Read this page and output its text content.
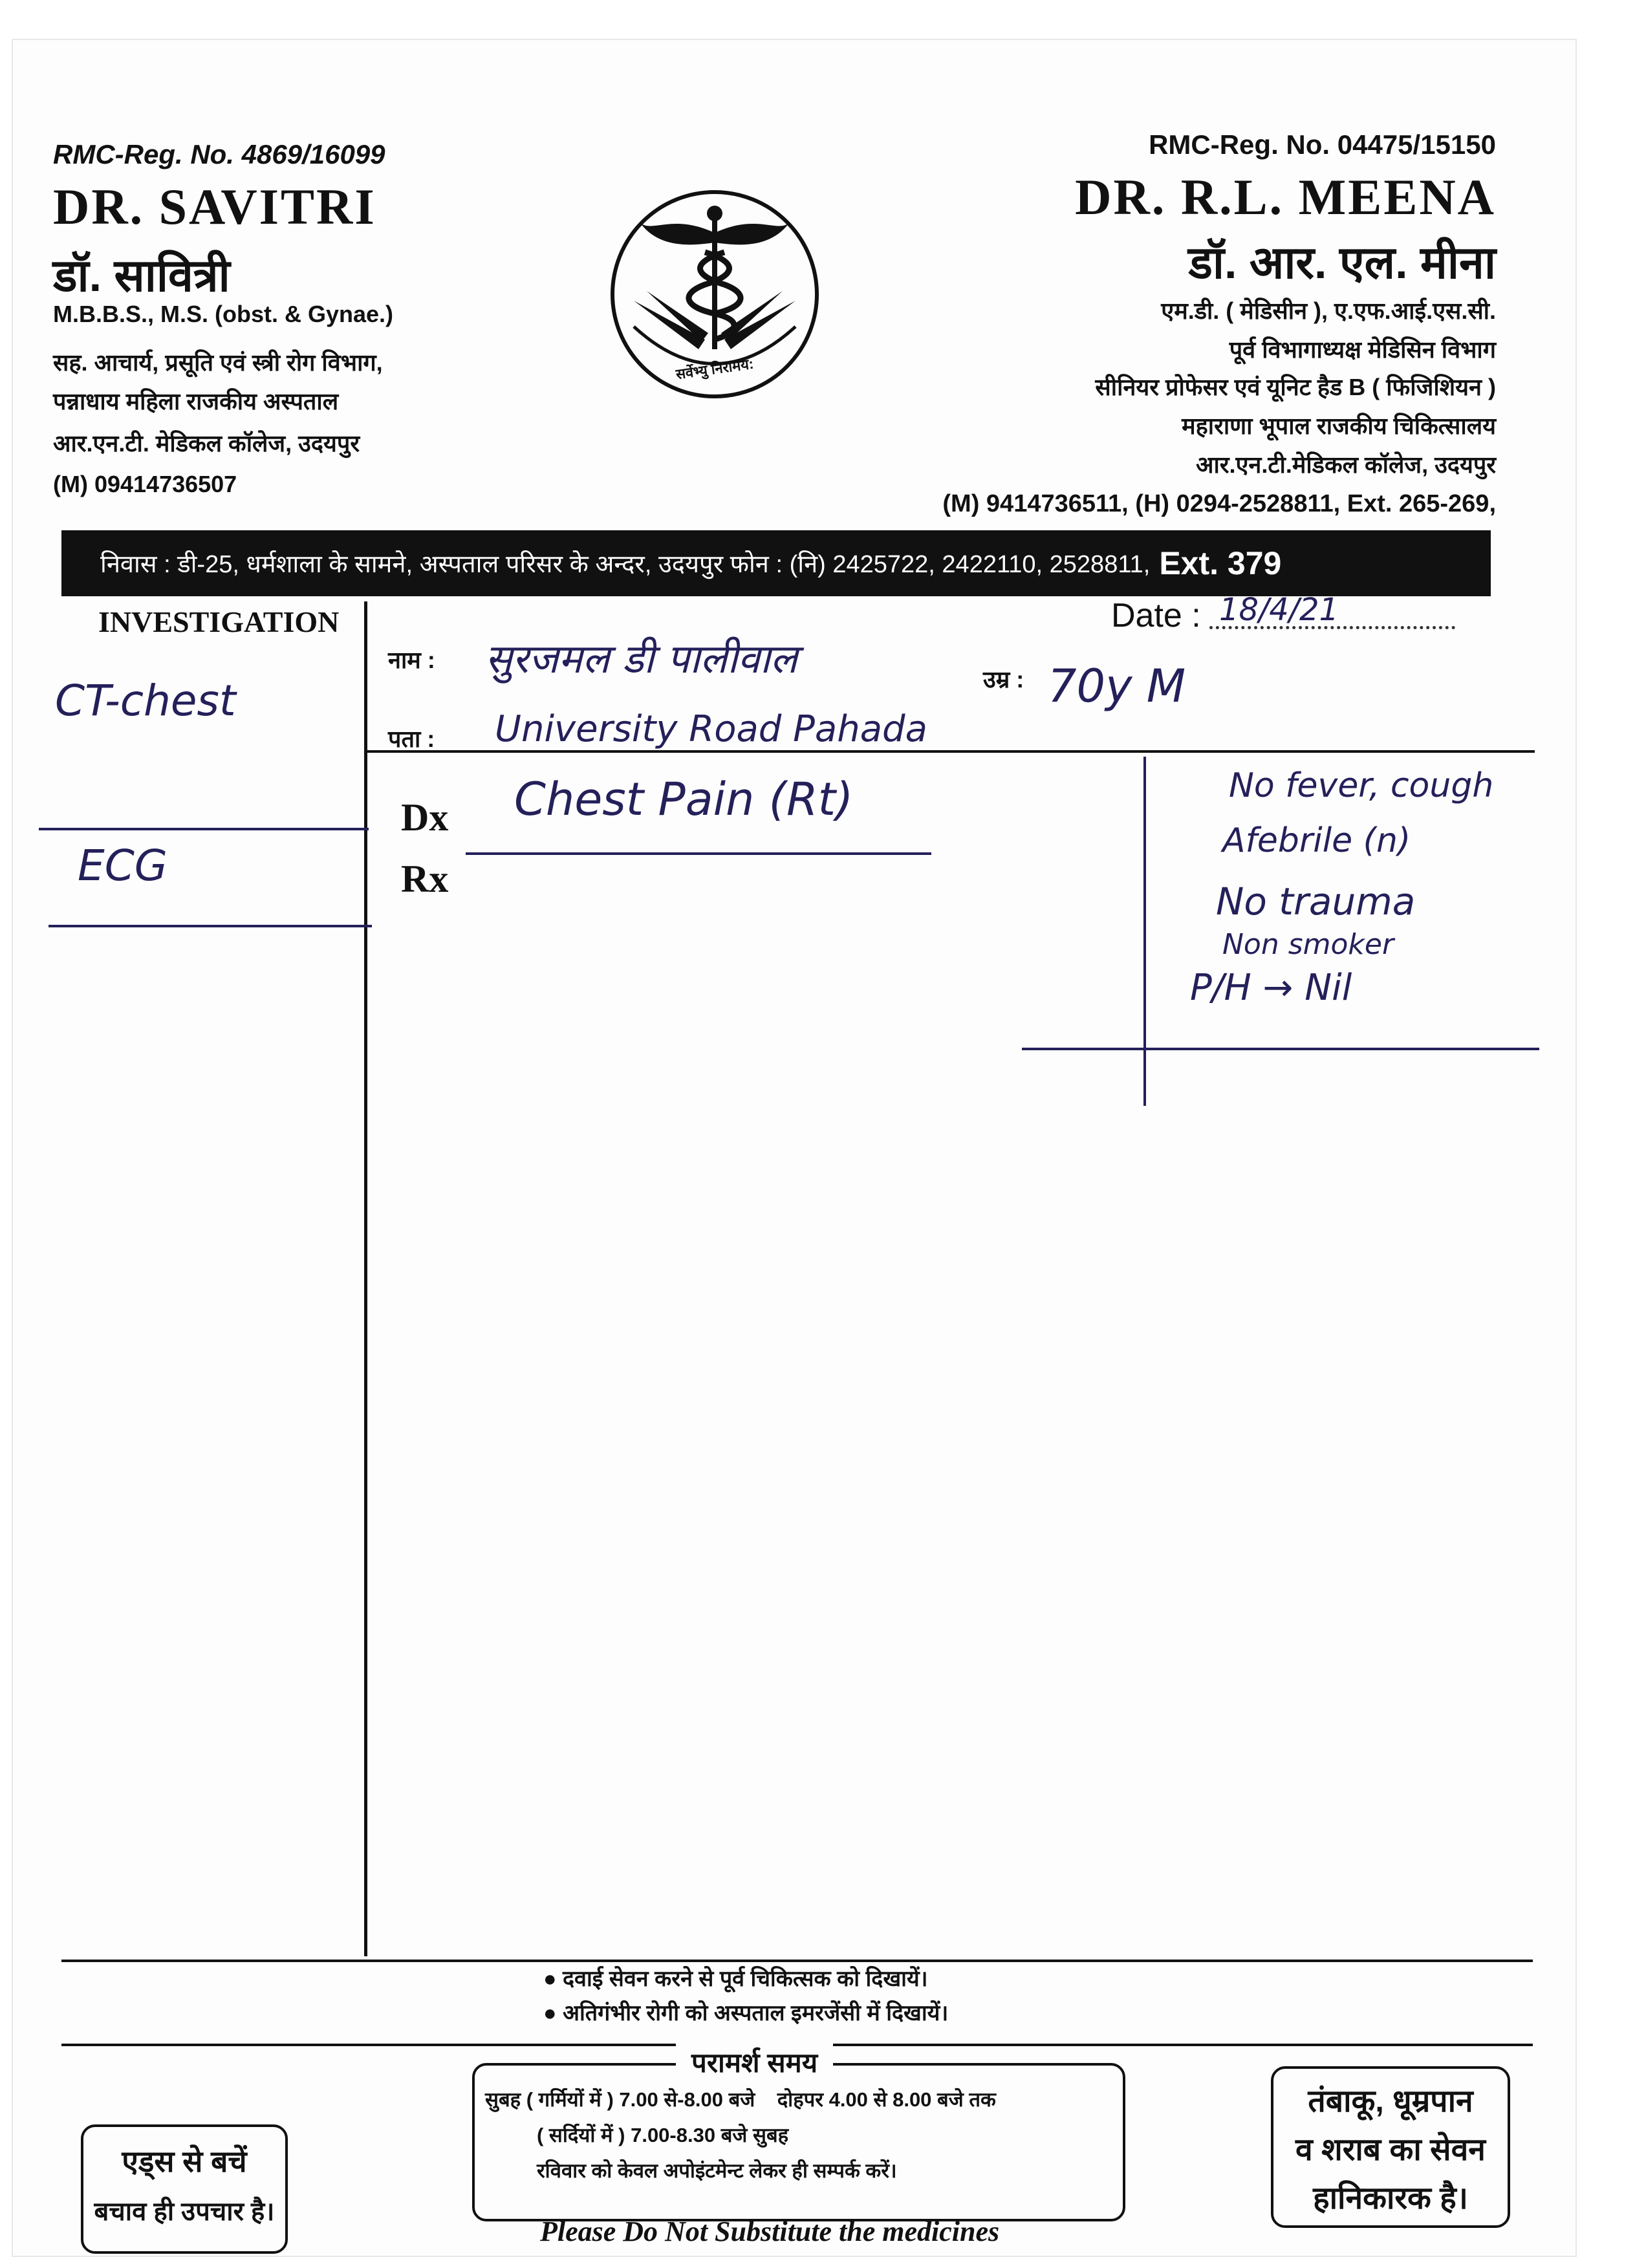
RMC-Reg. No. 4869/16099
DR. SAVITRI
डॉ. सावित्री
M.B.B.S., M.S. (obst. & Gynae.)
सह. आचार्य, प्रसूति एवं स्त्री रोग विभाग,
पन्नाधाय महिला राजकीय अस्पताल
आर.एन.टी. मेडिकल कॉलेज, उदयपुर
(M) 09414736507
सर्वेभ्यु निरामय:
RMC-Reg. No. 04475/15150
DR. R.L. MEENA
डॉ. आर. एल. मीना
एम.डी. ( मेडिसीन ), ए.एफ.आई.एस.सी.
पूर्व विभागाध्यक्ष मेडिसिन विभाग
सीनियर प्रोफेसर एवं यूनिट हैड B ( फिजिशियन )
महाराणा भूपाल राजकीय चिकित्सालय
आर.एन.टी.मेडिकल कॉलेज, उदयपुर
(M) 9414736511, (H) 0294-2528811, Ext. 265-269,
निवास : डी-25, धर्मशाला के सामने, अस्पताल परिसर के अन्दर, उदयपुर फोन : (नि) 2425722, 2422110, 2528811, Ext. 379
INVESTIGATION	Date : 18/4/21
नाम : सुरजमल डी पालीवाल	उम्र : 70y M
पता : University Road Pahada
Dx
Rx
Chest Pain (Rt)
CT-chest
ECG
No fever, cough
Afebrile (n)
No trauma
Non smoker
P/H → Nil
● दवाई सेवन करने से पूर्व चिकित्सक को दिखायें।
● अतिगंभीर रोगी को अस्पताल इमरजेंसी में दिखायें।
परामर्श समय
सुबह ( गर्मियों में ) 7.00 से-8.00 बजे    दोहपर 4.00 से 8.00 बजे तक
( सर्दियों में ) 7.00-8.30 बजे सुबह
रविवार को केवल अपोइंटमेन्ट लेकर ही सम्पर्क करें।
एड्स से बचें
बचाव ही उपचार है।
तंबाकू, धूम्रपान
व शराब का सेवन
हानिकारक है।
Please Do Not Substitute the medicines
